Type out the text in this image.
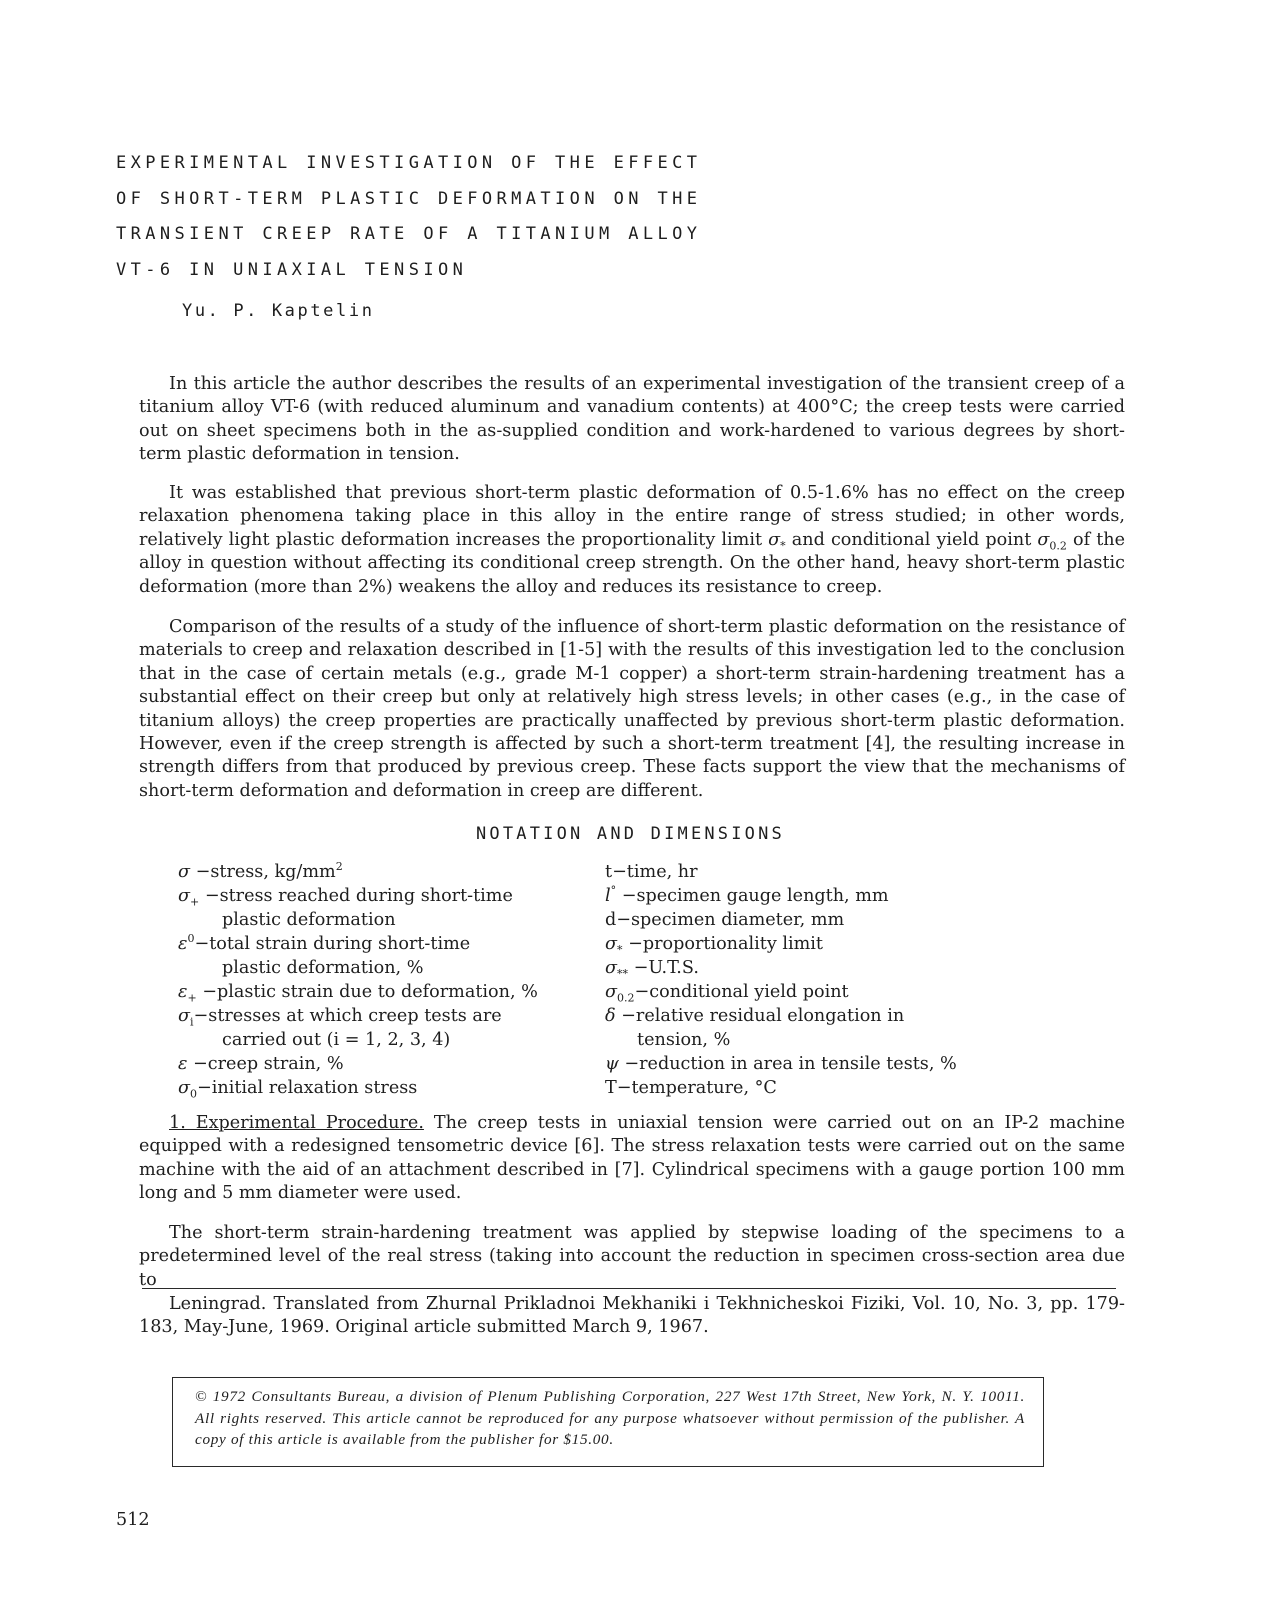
EXPERIMENTAL INVESTIGATION OF THE EFFECT
OF SHORT-TERM PLASTIC DEFORMATION ON THE
TRANSIENT CREEP RATE OF A TITANIUM ALLOY
VT-6 IN UNIAXIAL TENSION
Yu. P. Kaptelin

In this article the author describes the results of an experimental investigation of the transient creep of a titanium alloy VT-6 (with reduced aluminum and vanadium contents) at 400°C; the creep tests were carried out on sheet specimens both in the as-supplied condition and work-hardened to various degrees by short-term plastic deformation in tension.

It was established that previous short-term plastic deformation of 0.5-1.6% has no effect on the creep relaxation phenomena taking place in this alloy in the entire range of stress studied; in other words, relatively light plastic deformation increases the proportionality limit $\sigma_*$ and conditional yield point $\sigma_{0.2}$ of the alloy in question without affecting its conditional creep strength. On the other hand, heavy short-term plastic deformation (more than 2%) weakens the alloy and reduces its resistance to creep.

Comparison of the results of a study of the influence of short-term plastic deformation on the resistance of materials to creep and relaxation described in [1-5] with the results of this investigation led to the conclusion that in the case of certain metals (e.g., grade M-1 copper) a short-term strain-hardening treatment has a substantial effect on their creep but only at relatively high stress levels; in other cases (e.g., in the case of titanium alloys) the creep properties are practically unaffected by previous short-term plastic deformation. However, even if the creep strength is affected by such a short-term treatment [4], the resulting increase in strength differs from that produced by previous creep. These facts support the view that the mechanisms of short-term deformation and deformation in creep are different.

NOTATION AND DIMENSIONS
σ −stress, $kg/mm^2$
$\sigma_+$ −stress reached during short-time
plastic deformation
$\varepsilon^0-total$ strain during short-time
plastic deformation, %
$\varepsilon_+$ −plastic strain due to deformation, %
$\sigma_i-stresses$ at which creep tests are
carried out (i = 1, 2, 3, 4)
ε −creep strain, %
$\sigma_0-initial$ relaxation stress
t−time, hr
l° −specimen gauge length, mm
d−specimen diameter, mm
$\sigma_*$ −proportionality limit
$\sigma_{**} -U.T.S$.
$\sigma_{0.2}-conditional$ yield point
δ −relative residual elongation in
tension, %
ψ −reduction in area in tensile tests, %
T−temperature, °C

1. Experimental Procedure. The creep tests in uniaxial tension were carried out on an IP-2 machine equipped with a redesigned tensometric device [6]. The stress relaxation tests were carried out on the same machine with the aid of an attachment described in [7]. Cylindrical specimens with a gauge portion 100 mm long and 5 mm diameter were used.

The short-term strain-hardening treatment was applied by stepwise loading of the specimens to a predetermined level of the real stress (taking into account the reduction in specimen cross-section area due to

Leningrad. Translated from Zhurnal Prikladnoi Mekhaniki i Tekhnicheskoi Fiziki, Vol. 10, No. 3, pp. 179-183, May-June, 1969. Original article submitted March 9, 1967.

© 1972 Consultants Bureau, a division of Plenum Publishing Corporation, 227 West 17th Street, New York, N. Y. 10011. All rights reserved. This article cannot be reproduced for any purpose whatsoever without permission of the publisher. A copy of this article is available from the publisher for $15.00.

512
